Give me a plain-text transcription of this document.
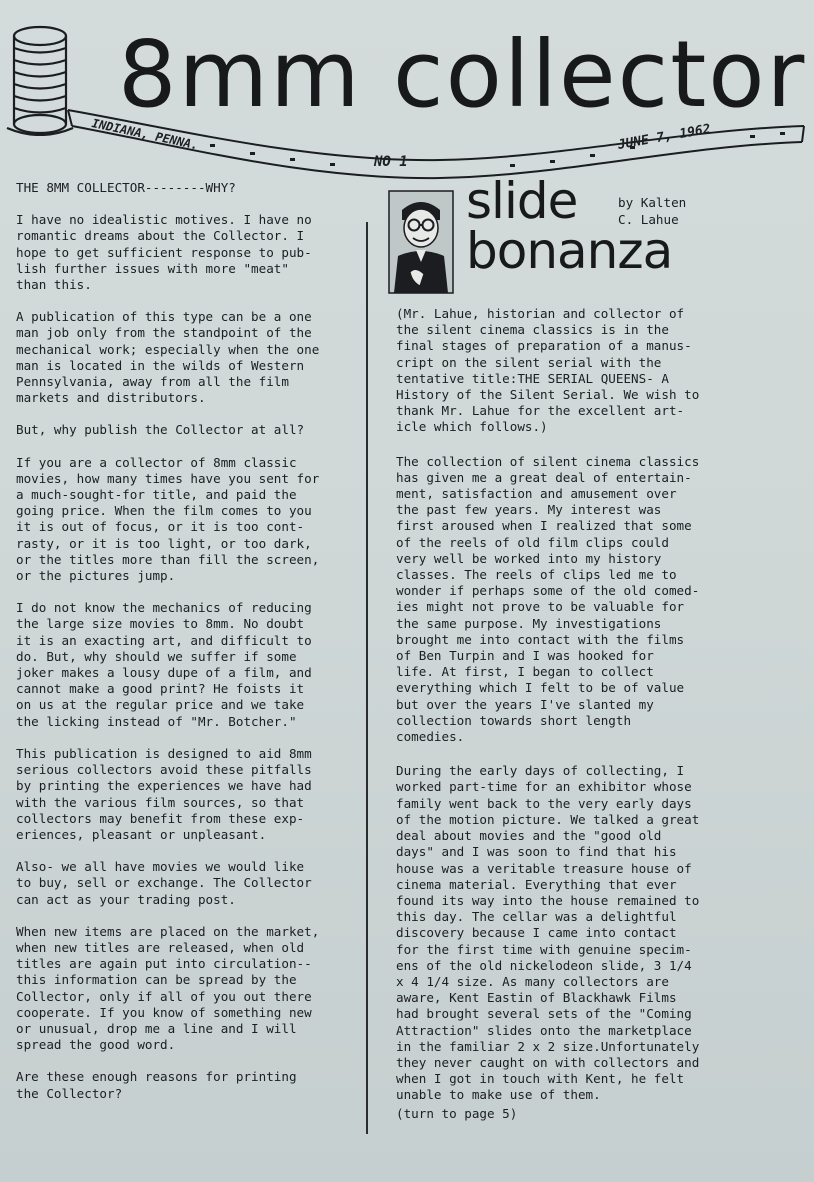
8mm collector
INDIANA, PENNA.
NO 1
JUNE 7, 1962

THE 8MM COLLECTOR--------WHY?

I have no idealistic motives. I have no
romantic dreams about the Collector. I
hope to get sufficient response to pub-
lish further issues with more "meat"
than this.

A publication of this type can be a one
man job only from the standpoint of the
mechanical work; especially when the one
man is located in the wilds of Western
Pennsylvania, away from all the film
markets and distributors.

But, why publish the Collector at all?

If you are a collector of 8mm classic
movies, how many times have you sent for
a much-sought-for title, and paid the
going price. When the film comes to you
it is out of focus, or it is too cont-
rasty, or it is too light, or too dark,
or the titles more than fill the screen,
or the pictures jump.

I do not know the mechanics of reducing
the large size movies to 8mm. No doubt
it is an exacting art, and difficult to
do. But, why should we suffer if some
joker makes a lousy dupe of a film, and
cannot make a good print? He foists it
on us at the regular price and we take
the licking instead of "Mr. Botcher."

This publication is designed to aid 8mm
serious collectors avoid these pitfalls
by printing the experiences we have had
with the various film sources, so that
collectors may benefit from these exp-
eriences, pleasant or unpleasant.

Also- we all have movies we would like
to buy, sell or exchange. The Collector
can act as your trading post.

When new items are placed on the market,
when new titles are released, when old
titles are again put into circulation--
this information can be spread by the
Collector, only if all of you out there
cooperate. If you know of something new
or unusual, drop me a line and I will
spread the good word.

Are these enough reasons for printing
the Collector?

slide
bonanza
by Kalten
C. Lahue

(Mr. Lahue, historian and collector of
the silent cinema classics is in the
final stages of preparation of a manus-
cript on the silent serial with the
tentative title:THE SERIAL QUEENS- A
History of the Silent Serial. We wish to
thank Mr. Lahue for the excellent art-
icle which follows.)

The collection of silent cinema classics
has given me a great deal of entertain-
ment, satisfaction and amusement over
the past few years. My interest was
first aroused when I realized that some
of the reels of old film clips could
very well be worked into my history
classes. The reels of clips led me to
wonder if perhaps some of the old comed-
ies might not prove to be valuable for
the same purpose. My investigations
brought me into contact with the films
of Ben Turpin and I was hooked for
life. At first, I began to collect
everything which I felt to be of value
but over the years I've slanted my
collection towards short length
comedies.

During the early days of collecting, I
worked part-time for an exhibitor whose
family went back to the very early days
of the motion picture. We talked a great
deal about movies and the "good old
days" and I was soon to find that his
house was a veritable treasure house of
cinema material. Everything that ever
found its way into the house remained to
this day. The cellar was a delightful
discovery because I came into contact
for the first time with genuine specim-
ens of the old nickelodeon slide, 3 1/4
x 4 1/4 size. As many collectors are
aware, Kent Eastin of Blackhawk Films
had brought several sets of the "Coming
Attraction" slides onto the marketplace
in the familiar 2 x 2 size.Unfortunately
they never caught on with collectors and
when I got in touch with Kent, he felt
unable to make use of them.

(turn to page 5)
